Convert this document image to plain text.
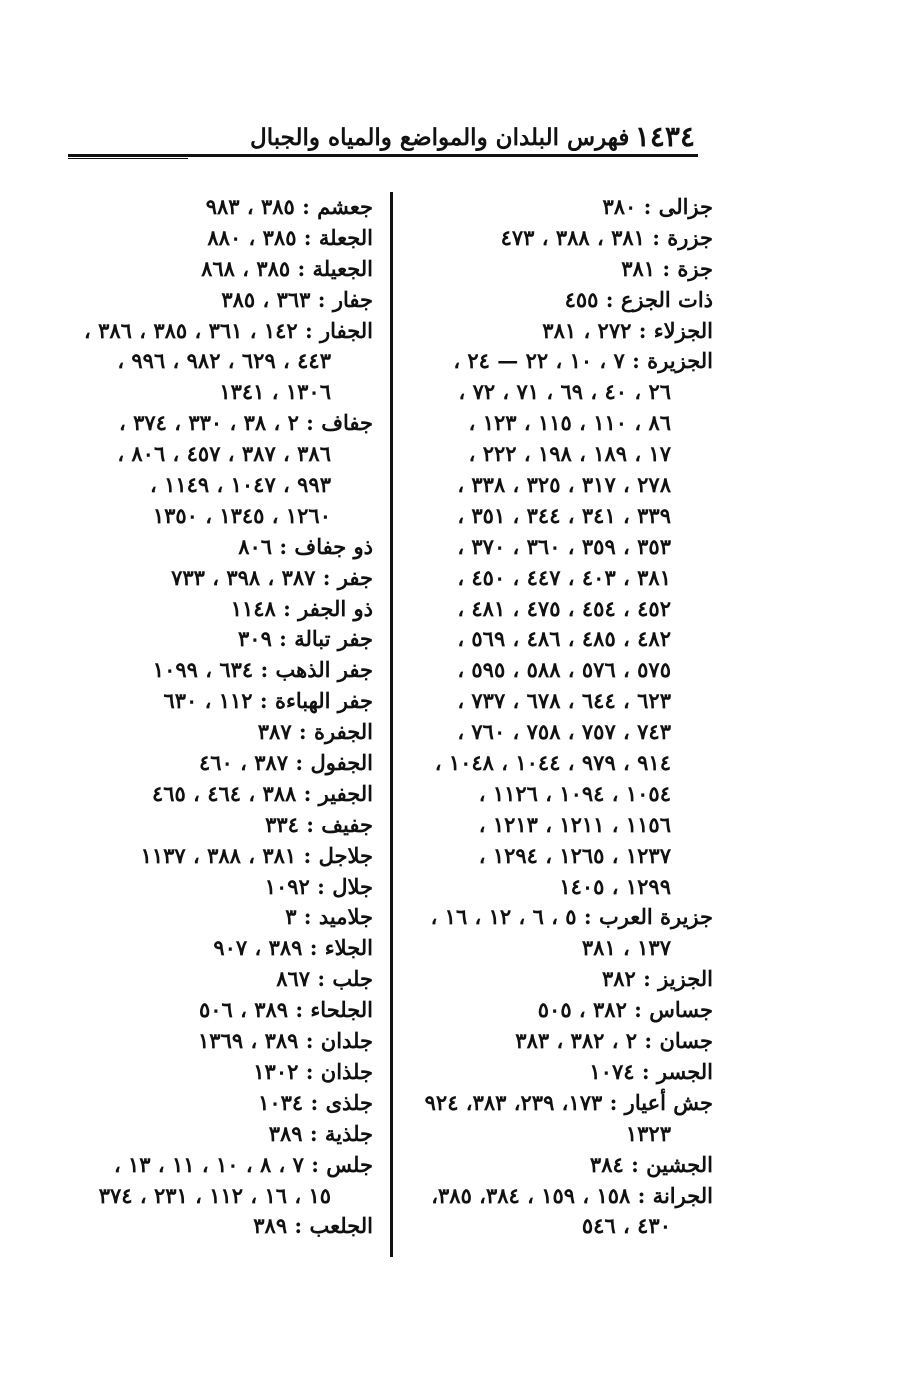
١٤٣٤
فهرس البلدان والمواضع والمياه والجبال
جزالى : ٣٨٠
جزرة : ٣٨١ ، ٣٨٨ ، ٤٧٣
جزة : ٣٨١
ذات الجزع : ٤٥٥
الجزلاء : ٢٧٢ ، ٣٨١
الجزيرة : ٧ ، ١٠ ، ٢٢ — ٢٤ ،
٢٦ ، ٤٠ ، ٦٩ ، ٧١ ، ٧٢ ،
٨٦ ، ١١٠ ، ١١٥ ، ١٢٣ ،
١٧ ، ١٨٩ ، ١٩٨ ، ٢٢٢ ،
٢٧٨ ، ٣١٧ ، ٣٢٥ ، ٣٣٨ ،
٣٣٩ ، ٣٤١ ، ٣٤٤ ، ٣٥١ ،
٣٥٣ ، ٣٥٩ ، ٣٦٠ ، ٣٧٠ ،
٣٨١ ، ٤٠٣ ، ٤٤٧ ، ٤٥٠ ،
٤٥٢ ، ٤٥٤ ، ٤٧٥ ، ٤٨١ ،
٤٨٢ ، ٤٨٥ ، ٤٨٦ ، ٥٦٩ ،
٥٧٥ ، ٥٧٦ ، ٥٨٨ ، ٥٩٥ ،
٦٢٣ ، ٦٤٤ ، ٦٧٨ ، ٧٣٧ ،
٧٤٣ ، ٧٥٧ ، ٧٥٨ ، ٧٦٠ ،
٩١٤ ، ٩٧٩ ، ١٠٤٤ ، ١٠٤٨ ،
١٠٥٤ ، ١٠٩٤ ، ١١٢٦ ،
١١٥٦ ، ١٢١١ ، ١٢١٣ ،
١٢٣٧ ، ١٢٦٥ ، ١٢٩٤ ،
١٢٩٩ ، ١٤٠٥
جزيرة العرب : ٥ ، ٦ ، ١٢ ، ١٦ ،
١٣٧ ، ٣٨١
الجزيز : ٣٨٢
جساس : ٣٨٢ ، ٥٠٥
جسان : ٢ ، ٣٨٢ ، ٣٨٣
الجسر : ١٠٧٤
جش أعيار : ١٧٣، ٢٣٩، ٣٨٣، ٩٢٤
١٣٢٣
الجشين : ٣٨٤
الجرانة : ١٥٨ ، ١٥٩ ، ٣٨٤، ٣٨٥،
٤٣٠ ، ٥٤٦
جعشم : ٣٨٥ ، ٩٨٣
الجعلة : ٣٨٥ ، ٨٨٠
الجعيلة : ٣٨٥ ، ٨٦٨
جفار : ٣٦٣ ، ٣٨٥
الجفار : ١٤٢ ، ٣٦١ ، ٣٨٥ ، ٣٨٦ ،
٤٤٣ ، ٦٢٩ ، ٩٨٢ ، ٩٩٦ ،
١٣٠٦ ، ١٣٤١
جفاف : ٢ ، ٣٨ ، ٣٣٠ ، ٣٧٤ ،
٣٨٦ ، ٣٨٧ ، ٤٥٧ ، ٨٠٦ ،
٩٩٣ ، ١٠٤٧ ، ١١٤٩ ،
١٢٦٠ ، ١٣٤٥ ، ١٣٥٠
ذو جفاف : ٨٠٦
جفر : ٣٨٧ ، ٣٩٨ ، ٧٣٣
ذو الجفر : ١١٤٨
جفر تبالة : ٣٠٩
جفر الذهب : ٦٣٤ ، ١٠٩٩
جفر الهباءة : ١١٢ ، ٦٣٠
الجفرة : ٣٨٧
الجفول : ٣٨٧ ، ٤٦٠
الجفير : ٣٨٨ ، ٤٦٤ ، ٤٦٥
جفيف : ٣٣٤
جلاجل : ٣٨١ ، ٣٨٨ ، ١١٣٧
جلال : ١٠٩٢
جلاميد : ٣
الجلاء : ٣٨٩ ، ٩٠٧
جلب : ٨٦٧
الجلحاء : ٣٨٩ ، ٥٠٦
جلدان : ٣٨٩ ، ١٣٦٩
جلذان : ١٣٠٢
جلذى : ١٠٣٤
جلذية : ٣٨٩
جلس : ٧ ، ٨ ، ١٠ ، ١١ ، ١٣ ،
١٥ ، ١٦ ، ١١٢ ، ٢٣١ ، ٣٧٤
الجلعب : ٣٨٩
